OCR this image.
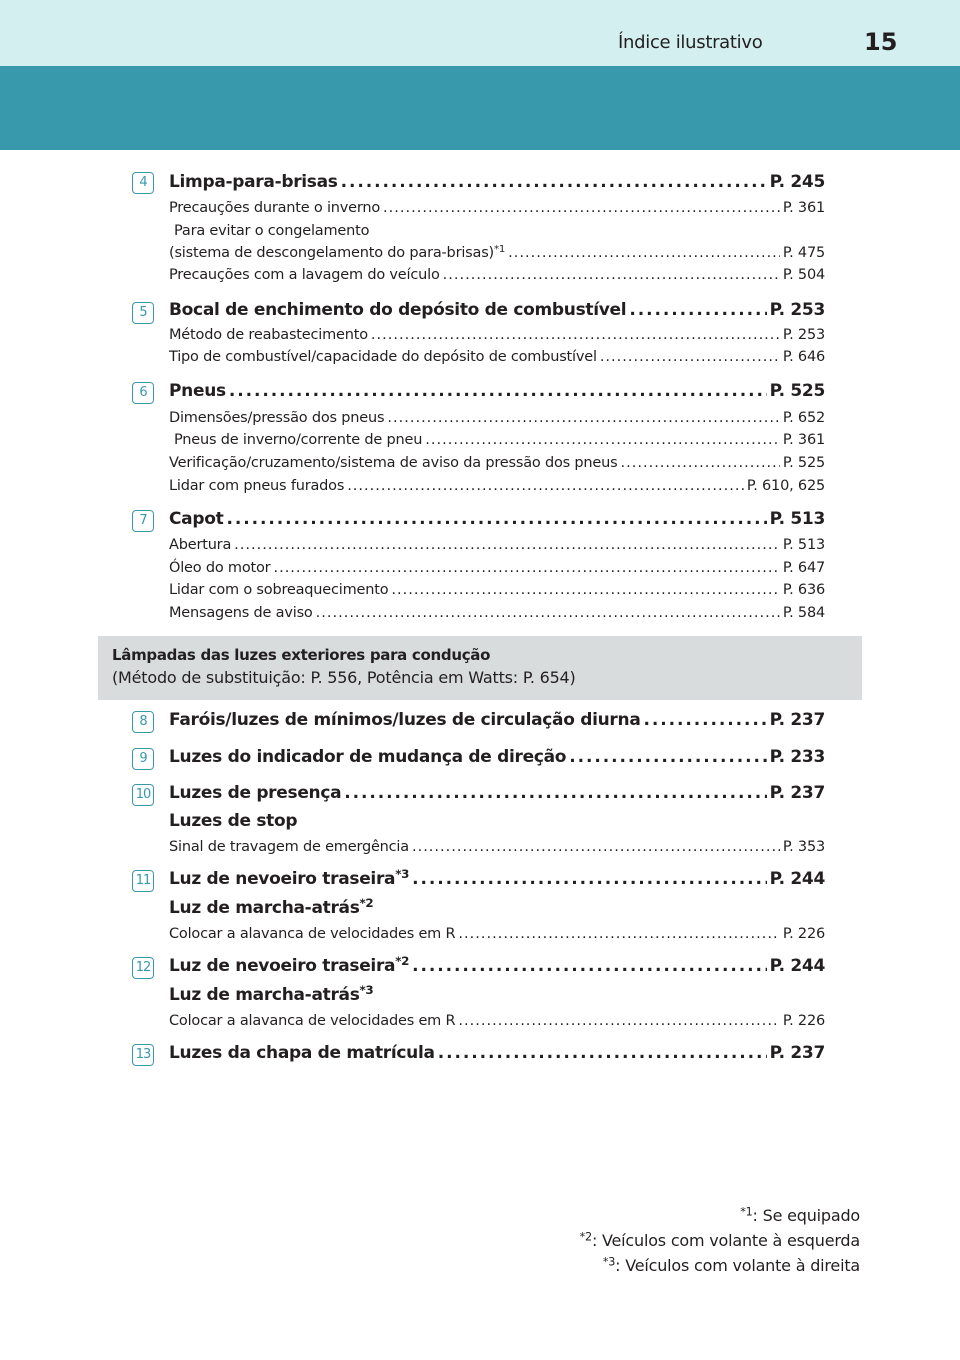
Índice ilustrativo	15
4	Limpa-para-brisas . . .	P. 245
Precauções durante o inverno . . .	P. 361
Para evitar o congelamento
(sistema de descongelamento do para-brisas)$^{*1}$ . . .	P. 475
Precauções com a lavagem do veículo . . .	P. 504
5	Bocal de enchimento do depósito de combustível . . .	P. 253
Método de reabastecimento . . .	P. 253
Tipo de combustível/capacidade do depósito de combustível . . .	P. 646
6	Pneus . . .	P. 525
Dimensões/pressão dos pneus . . .	P. 652
Pneus de inverno/corrente de pneu . . .	P. 361
Verificação/cruzamento/sistema de aviso da pressão dos pneus . . .	P. 525
Lidar com pneus furados . . .	P. 610, 625
7	Capot . . .	P. 513
Abertura . . .	P. 513
Óleo do motor . . .	P. 647
Lidar com o sobreaquecimento . . .	P. 636
Mensagens de aviso . . .	P. 584
Lâmpadas das luzes exteriores para condução
(Método de substituição: P. 556, Potência em Watts: P. 654)
8	Faróis/luzes de mínimos/luzes de circulação diurna . . .	P. 237
9	Luzes do indicador de mudança de direção . . .	P. 233
10 Luzes de presença . . .	P. 237
Luzes de stop
Sinal de travagem de emergência . . .	P. 353
11 Luz de nevoeiro traseira$^{*3}$ . . .	P. 244
Luz de marcha-atrás$^{*2}$
Colocar a alavanca de velocidades em R . . .	P. 226
12 Luz de nevoeiro traseira$^{*2}$ . . .	P. 244
Luz de marcha-atrás$^{*3}$
Colocar a alavanca de velocidades em R . . .	P. 226
13 Luzes da chapa de matrícula . . .	P. 237
$^{*1}$: Se equipado
$^{*2}$: Veículos com volante à esquerda
$^{*3}$: Veículos com volante à direita
